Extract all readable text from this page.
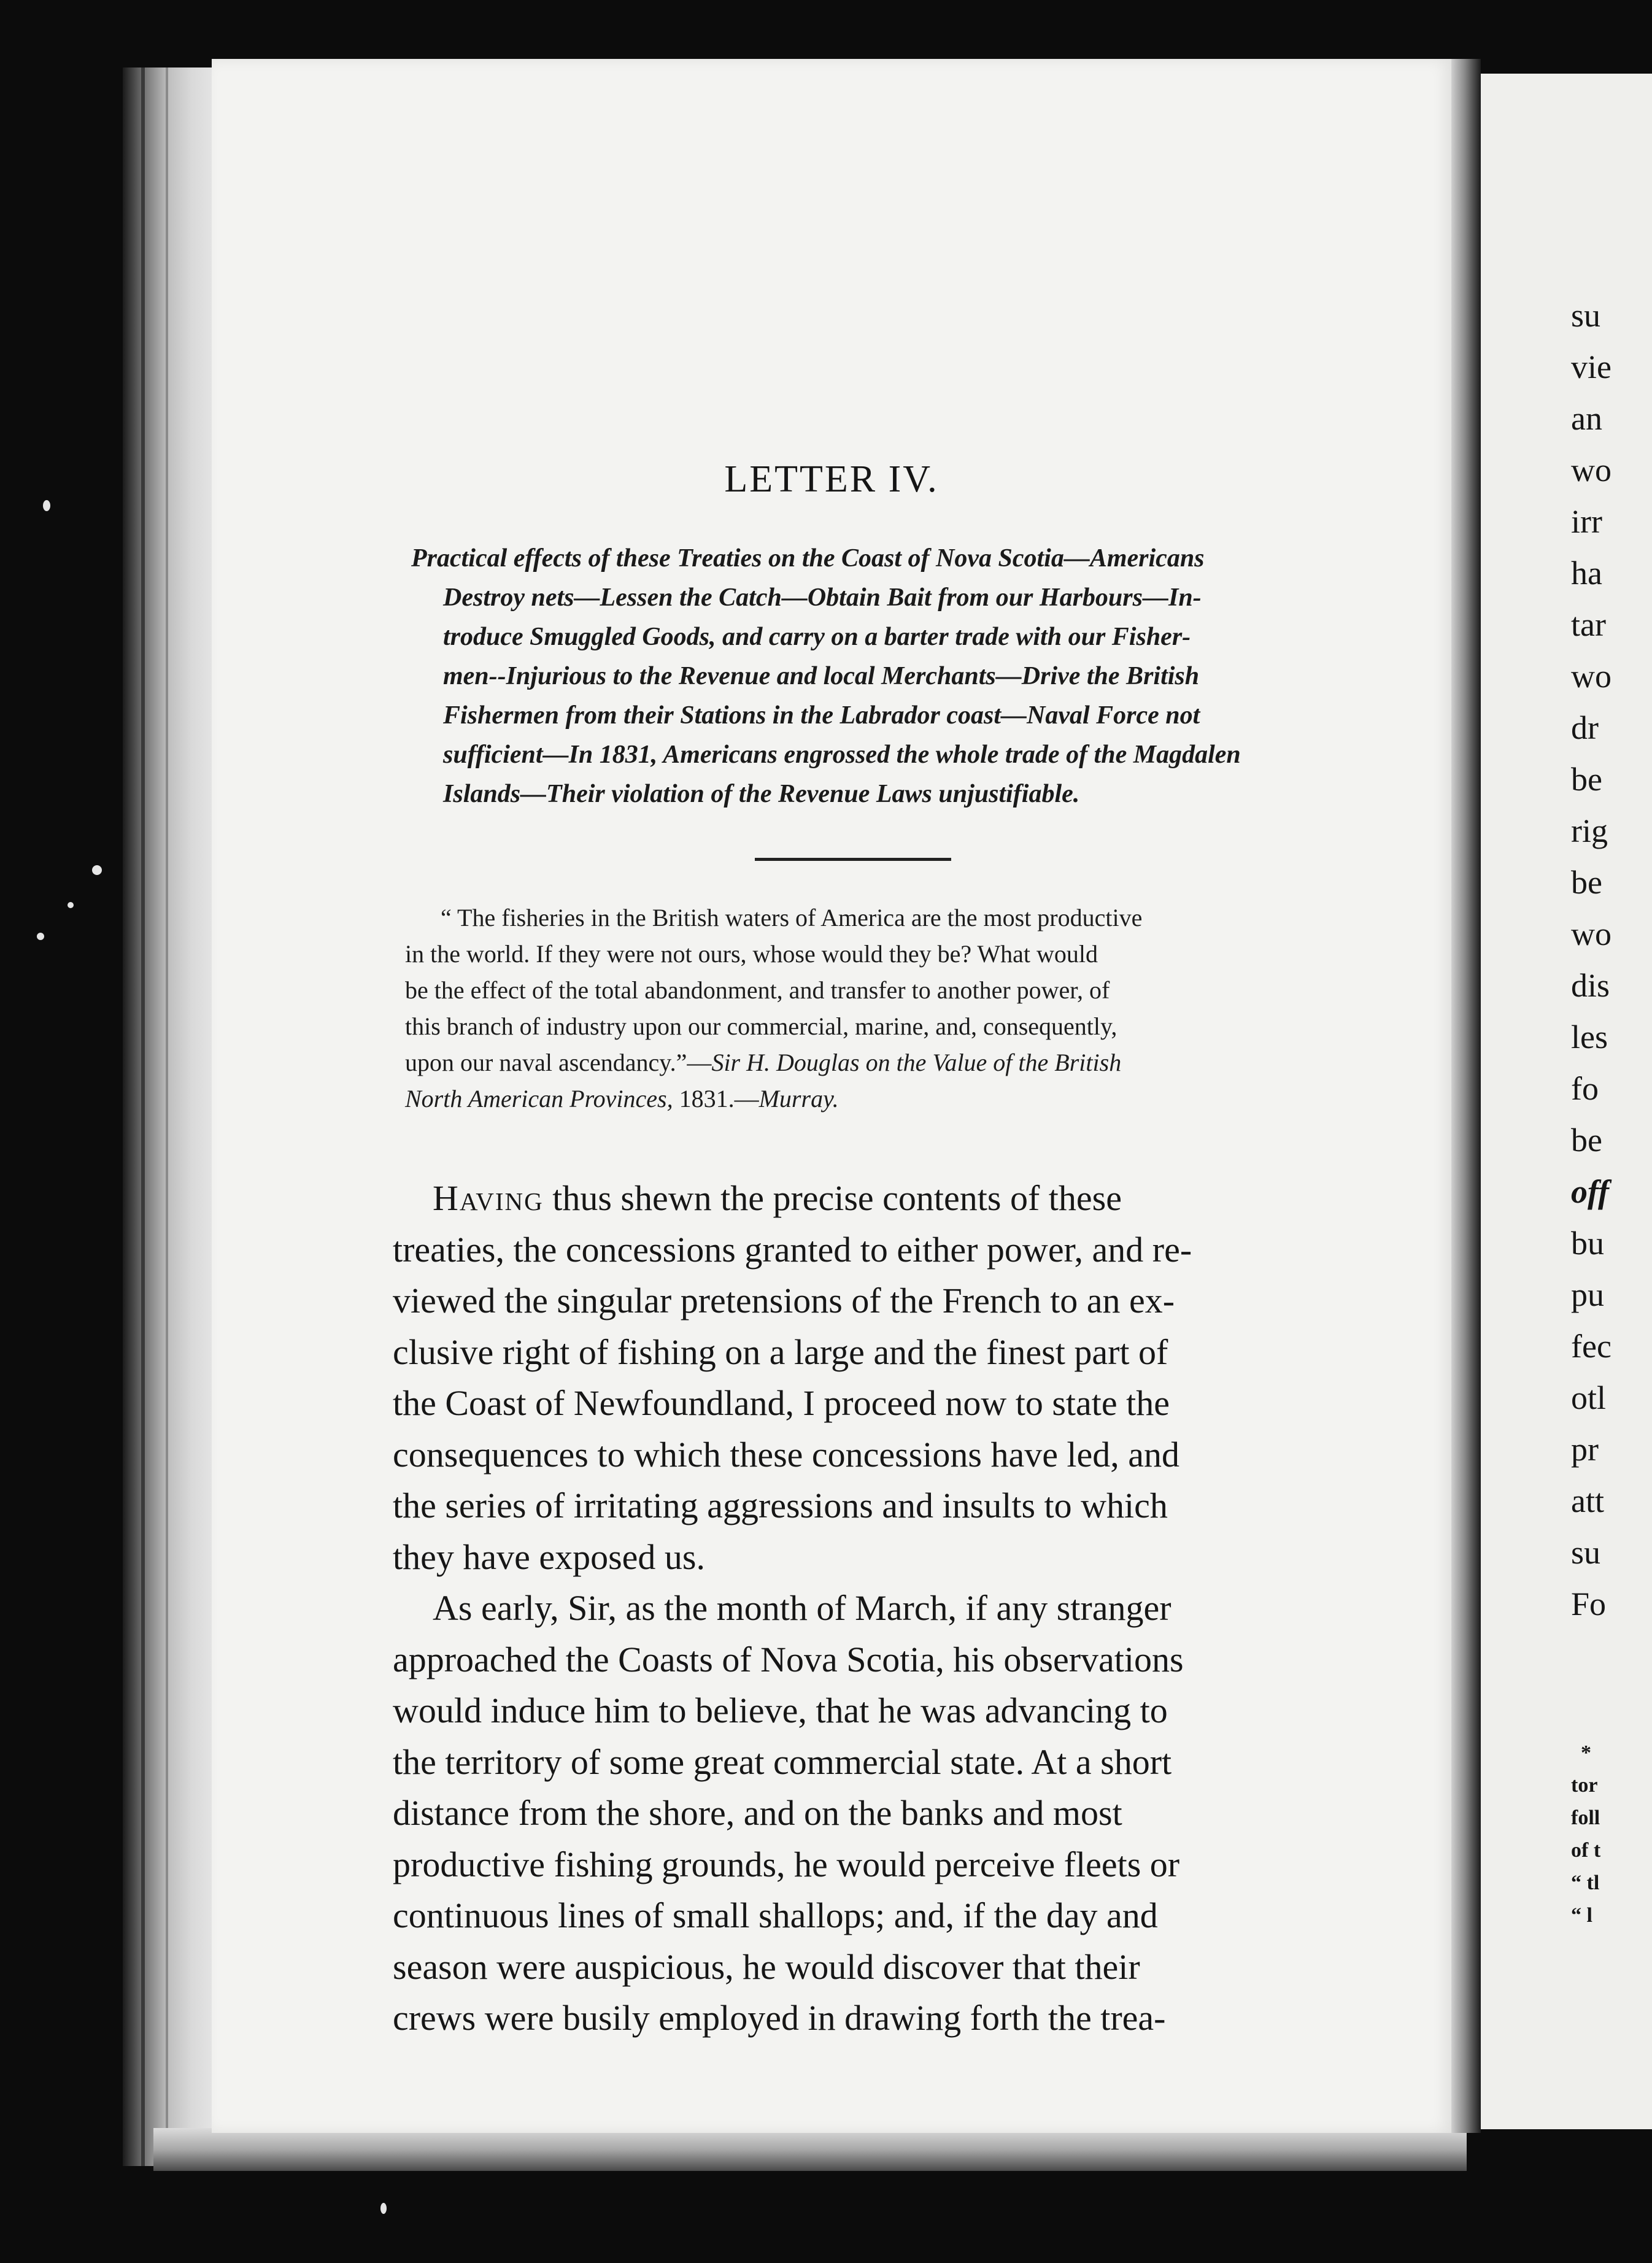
LETTER IV.
Practical effects of these Treaties on the Coast of Nova Scotia—Americans
Destroy nets—Lessen the Catch—Obtain Bait from our Harbours—In-
troduce Smuggled Goods, and carry on a barter trade with our Fisher-
men--Injurious to the Revenue and local Merchants—Drive the British
Fishermen from their Stations in the Labrador coast—Naval Force not
sufficient—In 1831, Americans engrossed the whole trade of the Magdalen
Islands—Their violation of the Revenue Laws unjustifiable.
“ The fisheries in the British waters of America are the most productive
in the world. If they were not ours, whose would they be? What would
be the effect of the total abandonment, and transfer to another power, of
this branch of industry upon our commercial, marine, and, consequently,
upon our naval ascendancy.”—Sir H. Douglas on the Value of the British
North American Provinces, 1831.—Murray.
Having thus shewn the precise contents of these
treaties, the concessions granted to either power, and re-
viewed the singular pretensions of the French to an ex-
clusive right of fishing on a large and the finest part of
the Coast of Newfoundland, I proceed now to state the
consequences to which these concessions have led, and
the series of irritating aggressions and insults to which
they have exposed us.
As early, Sir, as the month of March, if any stranger
approached the Coasts of Nova Scotia, his observations
would induce him to believe, that he was advancing to
the territory of some great commercial state. At a short
distance from the shore, and on the banks and most
productive fishing grounds, he would perceive fleets or
continuous lines of small shallops; and, if the day and
season were auspicious, he would discover that their
crews were busily employed in drawing forth the trea-
su
vie
an
wo
irr
ha
tar
wo
dr
be
rig
be
wo
dis
les
fo
be
off
bu
pu
fec
otl
pr
att
su
Fo
*
tor
foll
of t
“ tl
“ l
